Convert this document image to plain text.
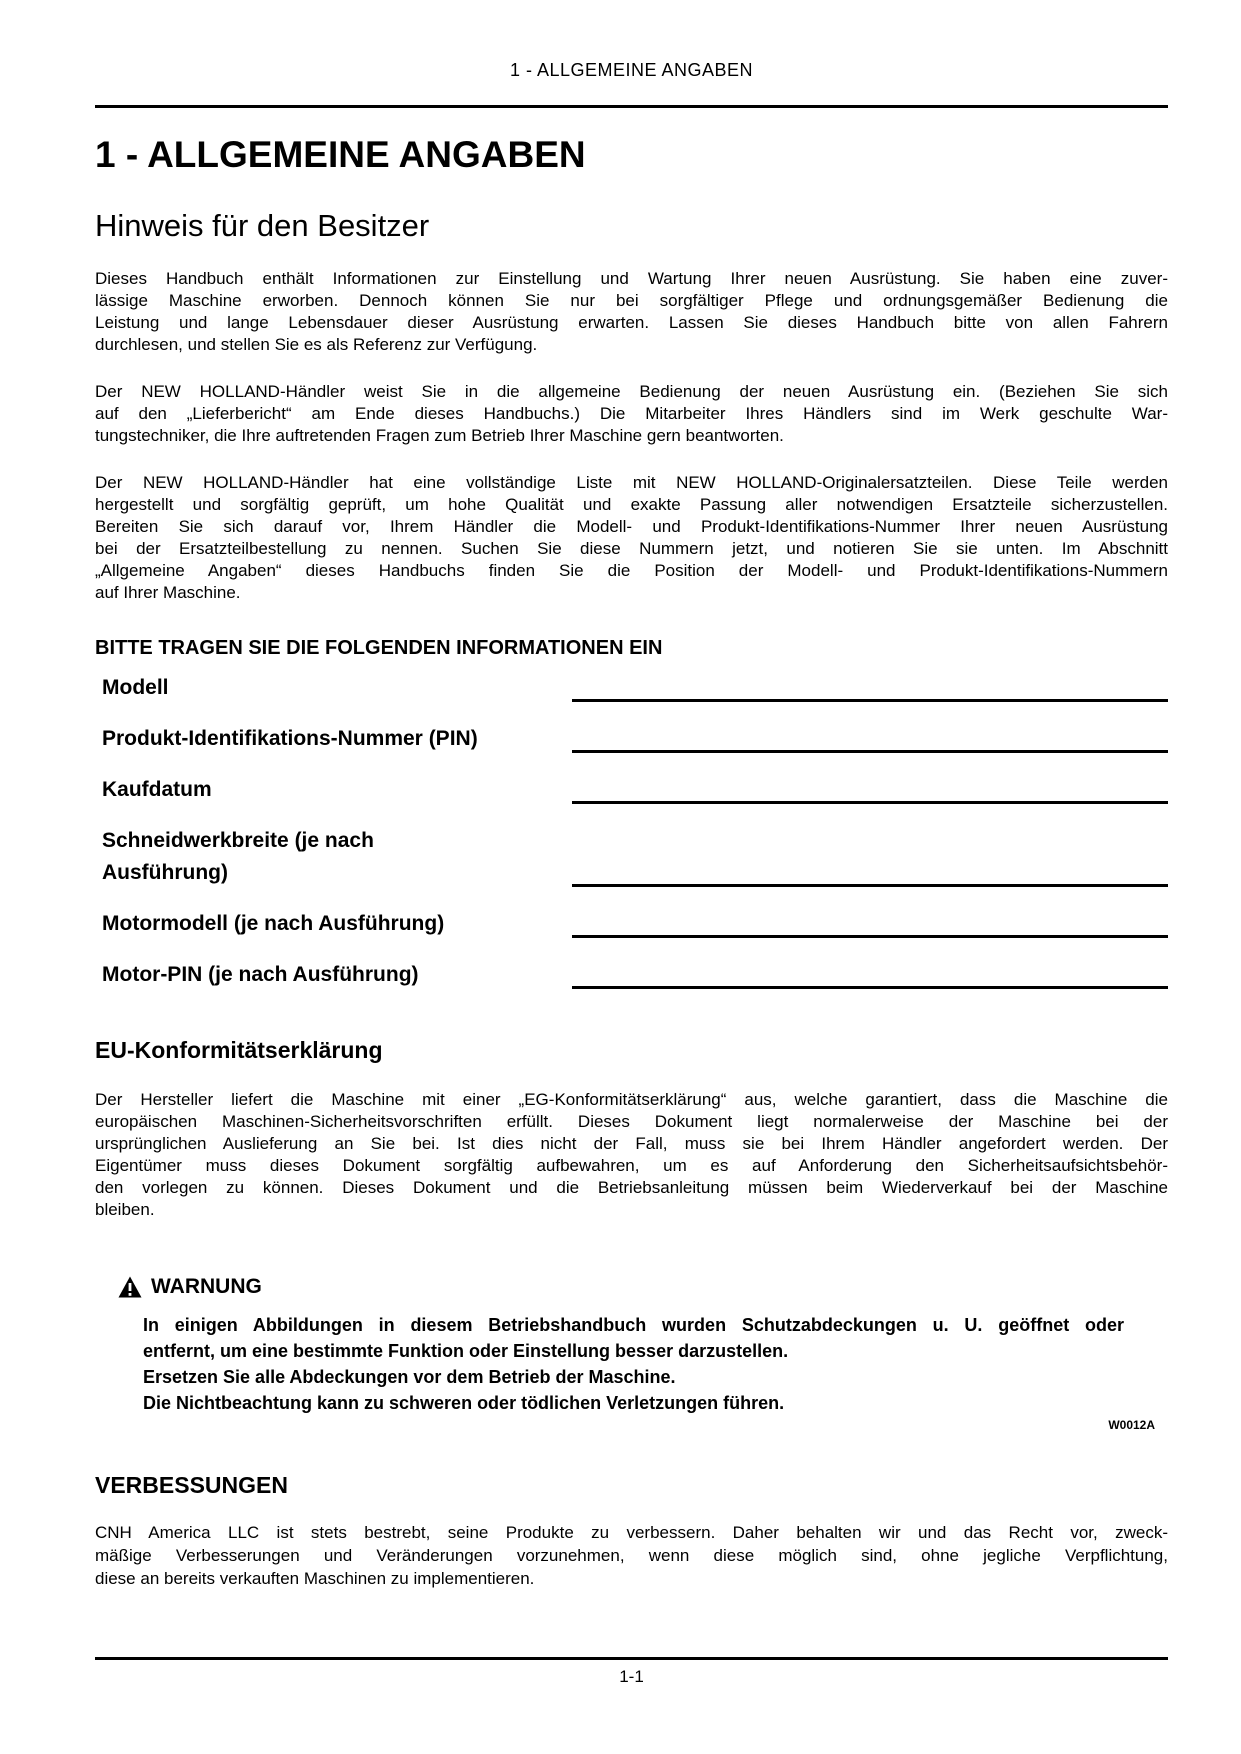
1 - ALLGEMEINE ANGABEN
1 - ALLGEMEINE ANGABEN
Hinweis für den Besitzer
Dieses Handbuch enthält Informationen zur Einstellung und Wartung Ihrer neuen Ausrüstung. Sie haben eine zuver-
lässige Maschine erworben. Dennoch können Sie nur bei sorgfältiger Pflege und ordnungsgemäßer Bedienung die
Leistung und lange Lebensdauer dieser Ausrüstung erwarten. Lassen Sie dieses Handbuch bitte von allen Fahrern
durchlesen, und stellen Sie es als Referenz zur Verfügung.
Der NEW HOLLAND-Händler weist Sie in die allgemeine Bedienung der neuen Ausrüstung ein. (Beziehen Sie sich
auf den „Lieferbericht“ am Ende dieses Handbuchs.) Die Mitarbeiter Ihres Händlers sind im Werk geschulte War-
tungstechniker, die Ihre auftretenden Fragen zum Betrieb Ihrer Maschine gern beantworten.
Der NEW HOLLAND-Händler hat eine vollständige Liste mit NEW HOLLAND-Originalersatzteilen. Diese Teile werden
hergestellt und sorgfältig geprüft, um hohe Qualität und exakte Passung aller notwendigen Ersatzteile sicherzustellen.
Bereiten Sie sich darauf vor, Ihrem Händler die Modell- und Produkt-Identifikations-Nummer Ihrer neuen Ausrüstung
bei der Ersatzteilbestellung zu nennen. Suchen Sie diese Nummern jetzt, und notieren Sie sie unten. Im Abschnitt
„Allgemeine Angaben“ dieses Handbuchs finden Sie die Position der Modell- und Produkt-Identifikations-Nummern
auf Ihrer Maschine.
BITTE TRAGEN SIE DIE FOLGENDEN INFORMATIONEN EIN
Modell
Produkt-Identifikations-Nummer (PIN)
Kaufdatum
Schneidwerkbreite (je nach
Ausführung)
Motormodell (je nach Ausführung)
Motor-PIN (je nach Ausführung)
EU-Konformitätserklärung
Der Hersteller liefert die Maschine mit einer „EG-Konformitätserklärung“ aus, welche garantiert, dass die Maschine die
europäischen Maschinen-Sicherheitsvorschriften erfüllt. Dieses Dokument liegt normalerweise der Maschine bei der
ursprünglichen Auslieferung an Sie bei. Ist dies nicht der Fall, muss sie bei Ihrem Händler angefordert werden. Der
Eigentümer muss dieses Dokument sorgfältig aufbewahren, um es auf Anforderung den Sicherheitsaufsichtsbehör-
den vorlegen zu können. Dieses Dokument und die Betriebsanleitung müssen beim Wiederverkauf bei der Maschine
bleiben.
WARNUNG
In einigen Abbildungen in diesem Betriebshandbuch wurden Schutzabdeckungen u. U. geöffnet oder
entfernt, um eine bestimmte Funktion oder Einstellung besser darzustellen.
Ersetzen Sie alle Abdeckungen vor dem Betrieb der Maschine.
Die Nichtbeachtung kann zu schweren oder tödlichen Verletzungen führen.
W0012A
VERBESSUNGEN
CNH America LLC ist stets bestrebt, seine Produkte zu verbessern. Daher behalten wir und das Recht vor, zweck-
mäßige Verbesserungen und Veränderungen vorzunehmen, wenn diese möglich sind, ohne jegliche Verpflichtung,
diese an bereits verkauften Maschinen zu implementieren.
1-1
